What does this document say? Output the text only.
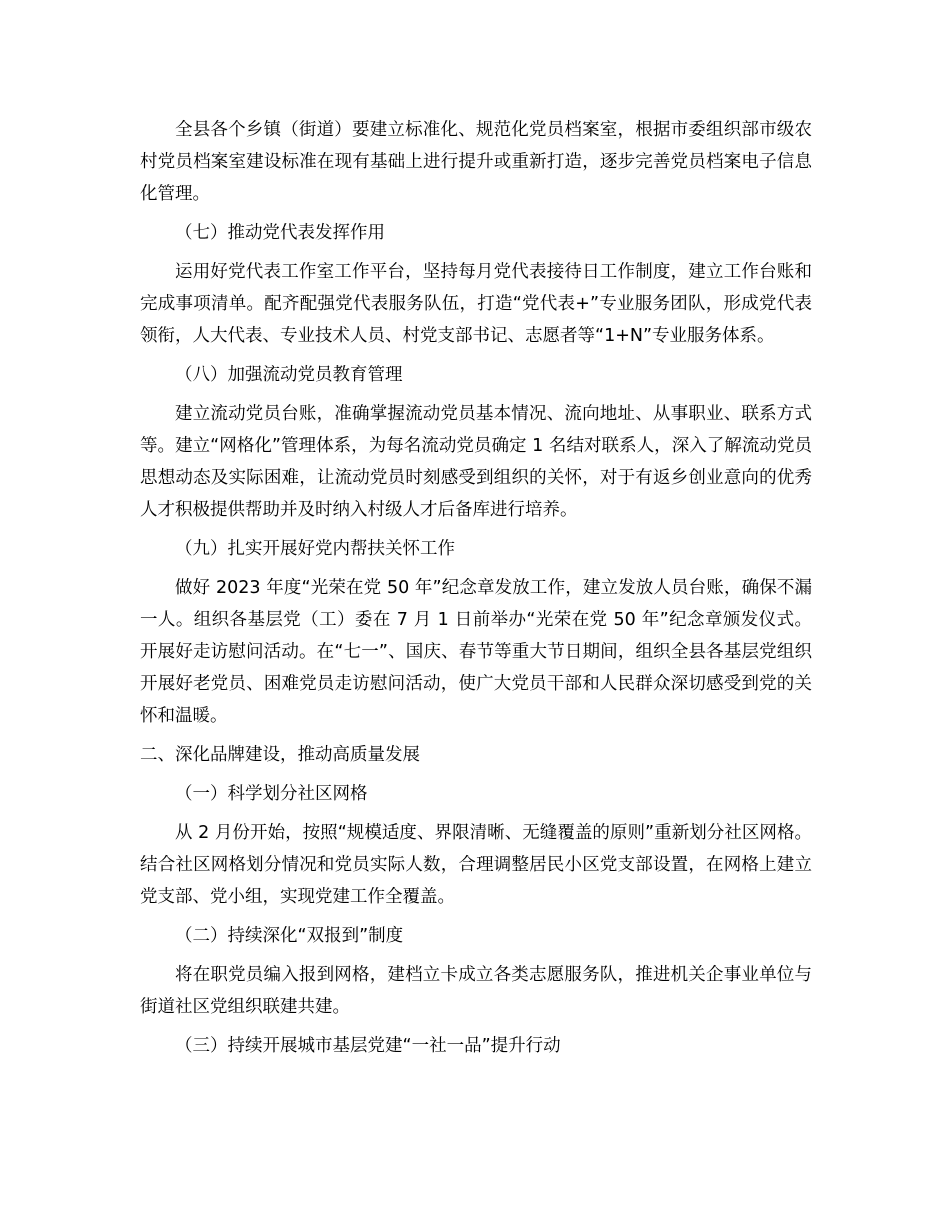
全县各个乡镇（街道）要建立标准化、规范化党员档案室，根据市委组织部市级农村党员档案室建设标准在现有基础上进行提升或重新打造，逐步完善党员档案电子信息化管理。

（七）推动党代表发挥作用

运用好党代表工作室工作平台，坚持每月党代表接待日工作制度，建立工作台账和完成事项清单。配齐配强党代表服务队伍，打造“党代表+”专业服务团队，形成党代表领衔，人大代表、专业技术人员、村党支部书记、志愿者等“1+N”专业服务体系。

（八）加强流动党员教育管理

建立流动党员台账，准确掌握流动党员基本情况、流向地址、从事职业、联系方式等。建立“网格化”管理体系，为每名流动党员确定 1 名结对联系人，深入了解流动党员思想动态及实际困难，让流动党员时刻感受到组织的关怀，对于有返乡创业意向的优秀人才积极提供帮助并及时纳入村级人才后备库进行培养。

（九）扎实开展好党内帮扶关怀工作

做好 2023 年度“光荣在党 50 年”纪念章发放工作，建立发放人员台账，确保不漏一人。组织各基层党（工）委在 7 月 1 日前举办“光荣在党 50 年”纪念章颁发仪式。开展好走访慰问活动。在“七一”、国庆、春节等重大节日期间，组织全县各基层党组织开展好老党员、困难党员走访慰问活动，使广大党员干部和人民群众深切感受到党的关怀和温暖。

二、深化品牌建设，推动高质量发展

（一）科学划分社区网格

从 2 月份开始，按照“规模适度、界限清晰、无缝覆盖的原则”重新划分社区网格。结合社区网格划分情况和党员实际人数，合理调整居民小区党支部设置，在网格上建立党支部、党小组，实现党建工作全覆盖。

（二）持续深化“双报到”制度

将在职党员编入报到网格，建档立卡成立各类志愿服务队，推进机关企事业单位与街道社区党组织联建共建。

（三）持续开展城市基层党建“一社一品”提升行动
